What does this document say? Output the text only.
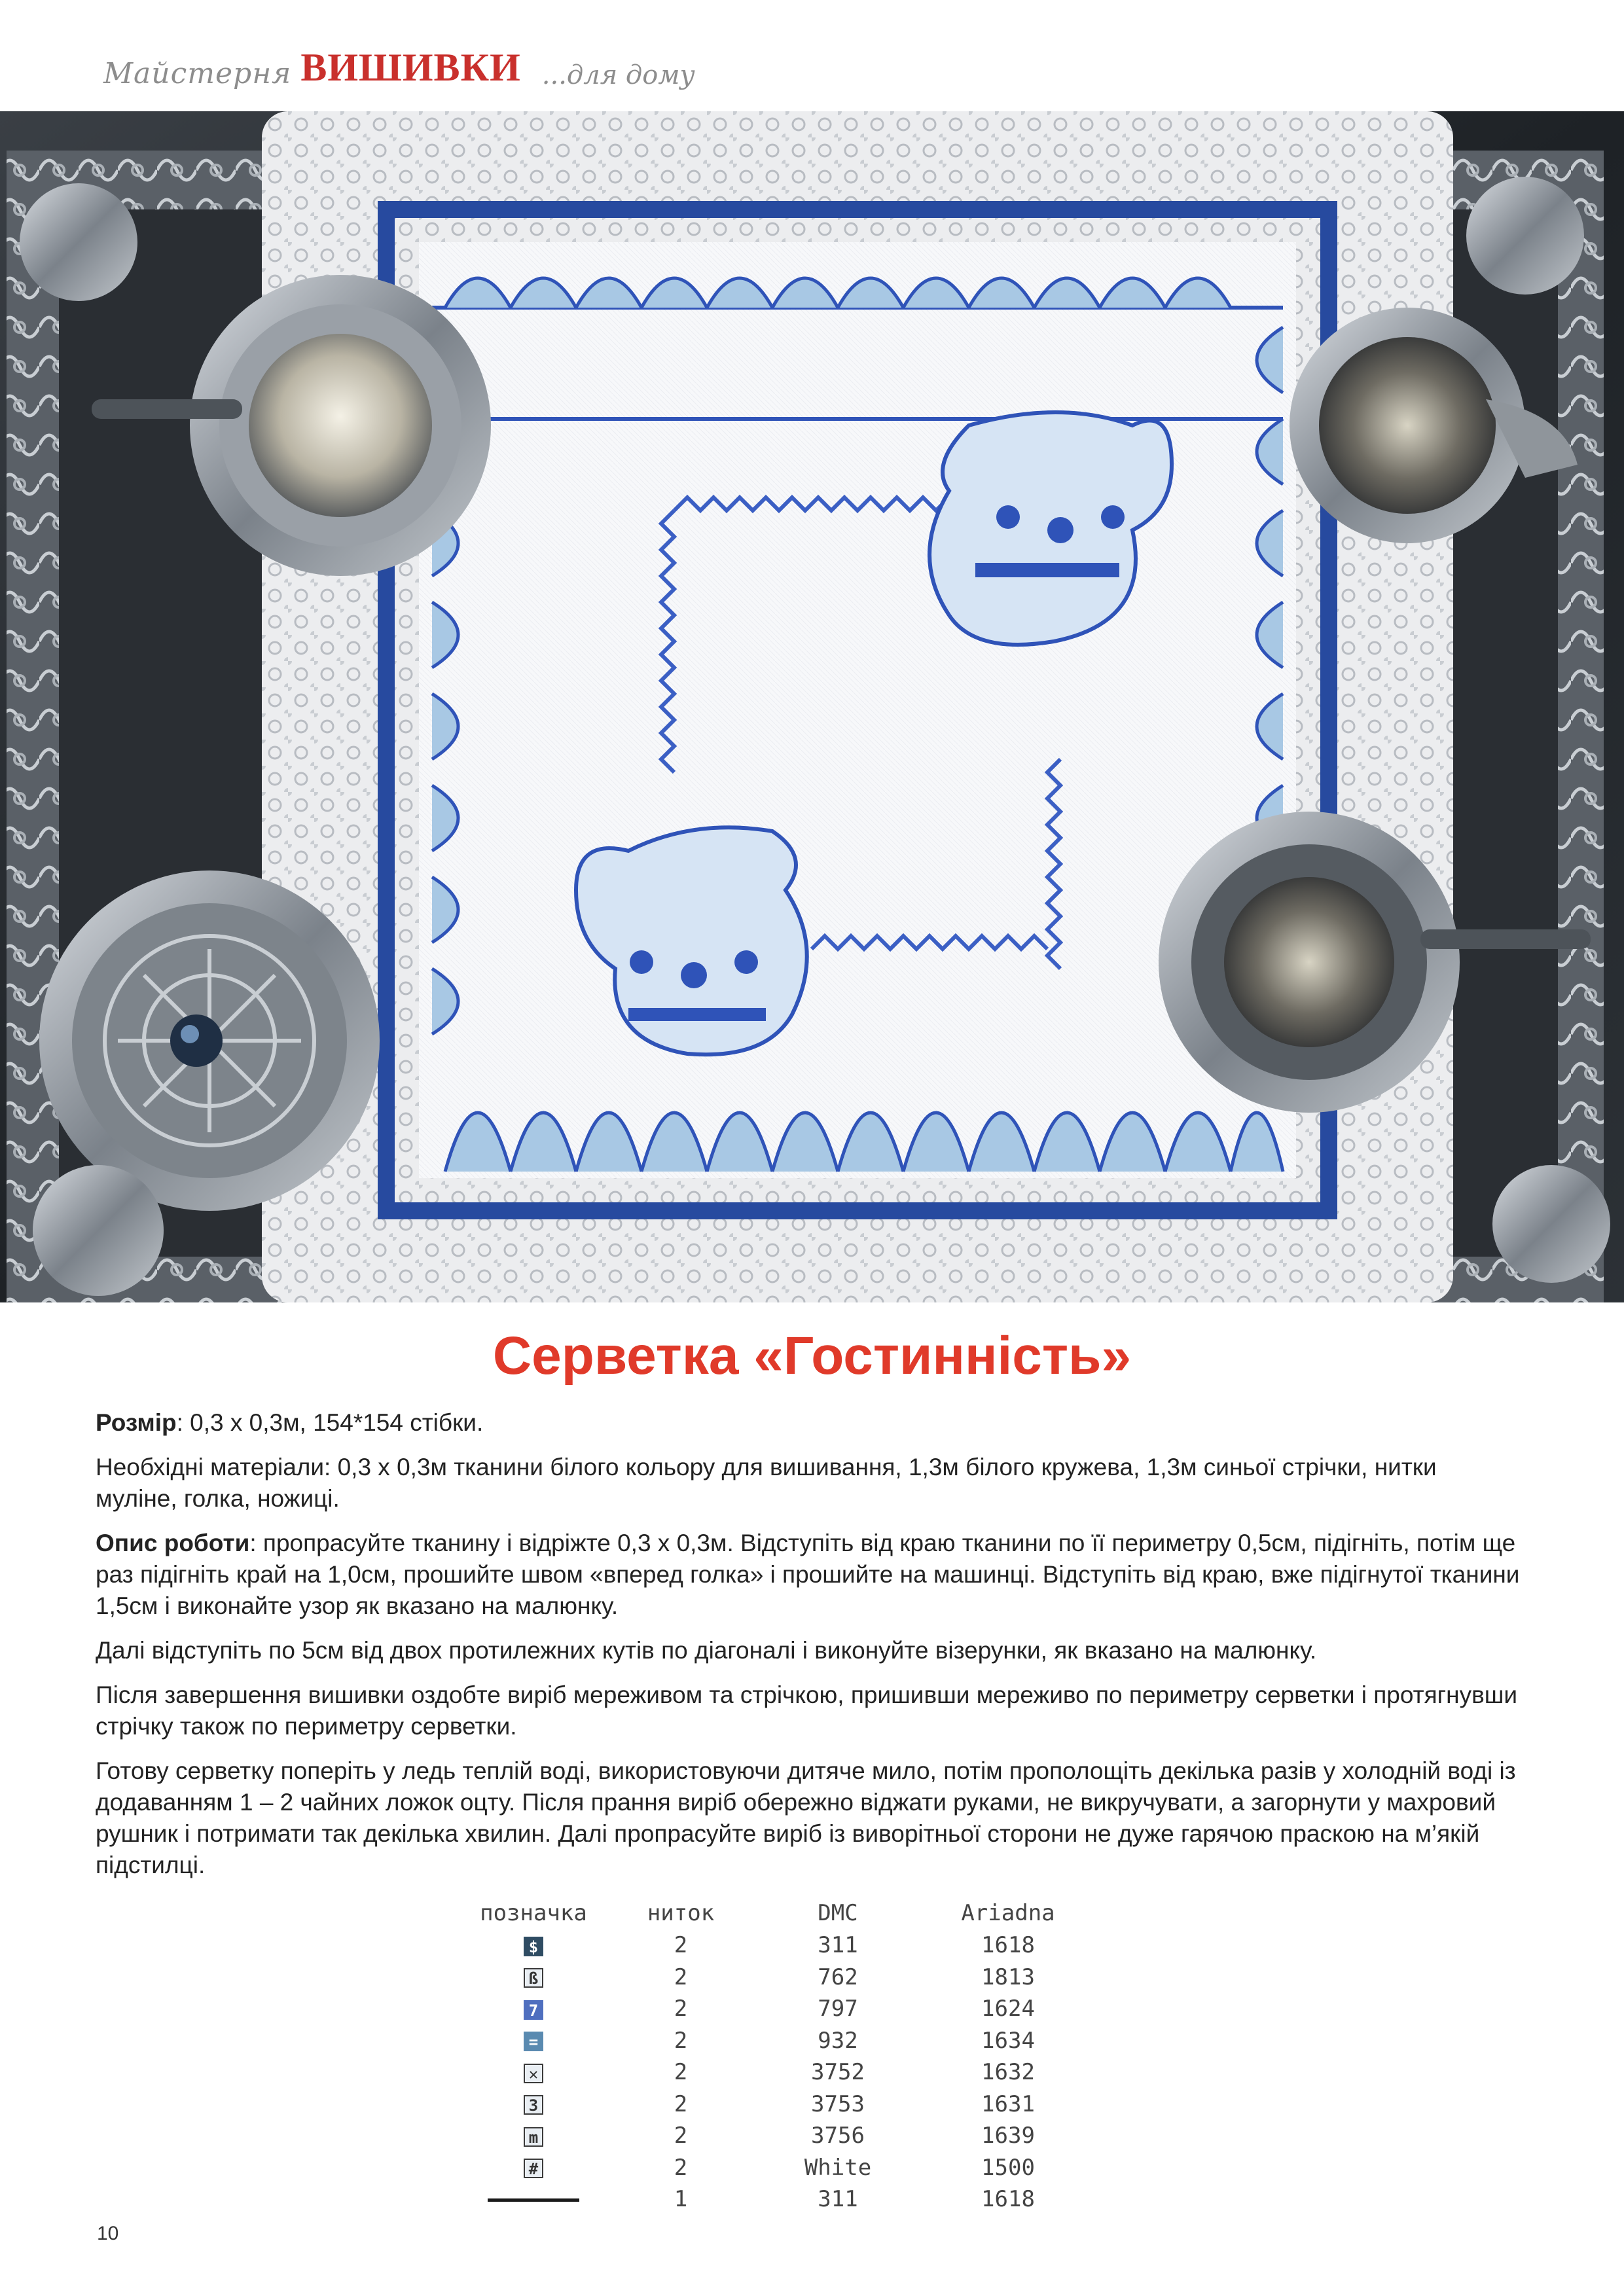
Майстерня ВИШИВКИ ...для дому
Серветка «Гостинність»

Розмір: 0,3 х 0,3м, 154*154 стібки.

Необхідні матеріали: 0,3 х 0,3м тканини білого кольору для вишивання, 1,3м білого кружева, 1,3м синьої стрічки, нитки муліне, голка, ножиці.

Опис роботи: пропрасуйте тканину і відріжте 0,3 х 0,3м. Відступіть від краю тканини по її периметру 0,5см, підігніть, потім ще раз підігніть край на 1,0см, прошийте швом «вперед голка» і прошийте на машинці. Відступіть від краю, вже підігнутої тканини 1,5см і виконайте узор як вказано на малюнку.

Далі відступіть по 5см від двох протилежних кутів по діагоналі і виконуйте візерунки, як вказано на малюнку.

Після завершення вишивки оздобте виріб мереживом та стрічкою, пришивши мереживо по периметру серветки і протягнувши стрічку також по периметру серветки.

Готову серветку поперіть у ледь теплій воді, використовуючи дитяче мило, потім прополощіть декілька разів у холодній воді із додаванням 1 – 2 чайних ложок оцту. Після прання виріб обережно віджати руками, не викручувати, а загорнути у махровий рушник і потримати так декілька хвилин. Далі пропрасуйте виріб із виворітньої сторони не дуже гарячою праскою на м’якій підстилці.

позначка	ниток	DMC	Ariadna
$	2	311	1618
ß	2	762	1813
7	2	797	1624
=	2	932	1634
✕	2	3752	1632
3	2	3753	1631
m	2	3756	1639
#	2	White	1500
	1	311	1618
10
